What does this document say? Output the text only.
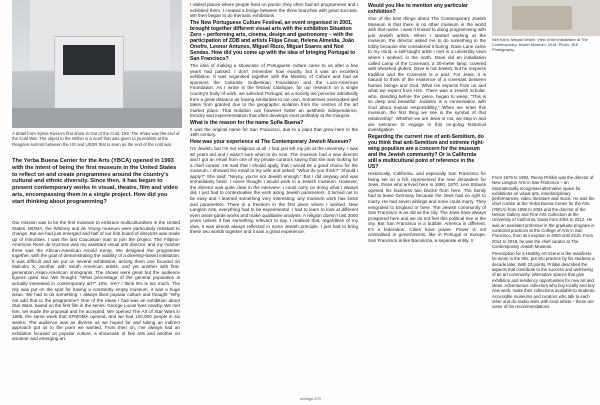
A detail from Sylvia Russo’s first show In Out of the Cold, 199. The Shaw was the end of the Cold War. The object in the Within is a scarf that was given to journalists at the Reagans summit between the US and USSR that is seen as the end of the cold war.
The Yerba Buena Center for the Arts (YBCA) opened in 1993 with the intent of being the first museum in the United States to reflect on and create programmes around the country’s cultural and ethnic diversity. Since then, it has begun to present contemporary works in visual, theatre, film and video arts, encompassing them in a single project. How did you start thinking about programming?

Our mission was to be the first museum to embrace multiculturalism in the United States. MOMA, the Whitney and de Young museum were particularly resistant to change. But we had just emerged and half of our first board of directors was made up of minorities. I was the last Caucasian man to join the project. The Filipino-American René de Guzman was my assistant visual arts director, and my number three was the African-American Arnold Kemp. We designed the programme together, with the goal of demonstrating the viability of a diversity-based institution. It was difficult and we put on several exhibitions, among them one focused on Malcolm X, another with South American artists, and yet another with first-generation Asian-American immigrants. The shows were great but the audience figures quite low. We thought: “What percentage of the general population is actually interested in contemporary art?” 10%, 5%? I think 5% is too much. The city was put on the spot for having a constantly empty museum, it was a huge issue. We had to do something. I always liked popular culture and thought “Why not add that to the programme? One of the ideas I had was an exhibition about Star Wars, based on the first film in the series. George Lucas lives nearby. We met him, we made the proposal and he accepted. We opened The Art of Star Wars in 1995, the same week that SFMOMA opened, and we had 120,000 people in six weeks. The audience was as diverse as we hoped for and taking an indirect approach got us to the point we wanted. From then on, I’ve always had an exhibition focused on popular culture, a showcase of fine arts and another on amateur and emerging art.

I visited places where people lived on parole, they often had art programmes and I exhibited them. I created a bridge between the three branches with great success. We then began to do thematic exhibitions.

The New Portuguese Culture Festival, an event organised in 2001, brought together different visual arts with the exhibition Situation Zero – performing arts, cinema, design and gastronomy – with the participation of ZDB and artists Filipa César, Helena Almeida, João Onofre, Leonor Antunes, Miguel Rizzo, Miguel Soares and Noé Sendas. How did you come up with the idea of bringing Portugal to San Francisco?

The idea of making a showcase of Portuguese culture came to us after a few years had passed. I don’t remember how exactly, but it was an excellent exhibition. It was organised together with the Ministry of Culture and had as sponsors the Calouste Gulbenkian Foundation and the Luso-American Foundation. As I wrote in the festival catalogue, for our research on a single country’s body of work, we selected Portugal, as a society we perceive admittedly from a great distance as having similarities to our own. Sometimes overlooked and taken from granted due to the geographic isolation from the centres of the art market place. That isolation can however foster an aesthetic independence, ferocity and experimentation that often develops most profitably at the margins.

What is the reason for the name Sofia Buena?

It was the original name for San Francisco, due to a plant that grew here in the 18th century.

How was your experience at The Contemporary Jewish Museum?

I’m Jewish, but I’m not religious at all. I had just left my job at the university. I was 60 years old and I wasn’t sure what to do next. The museum had a new director and I got an email from one of my private curators saying that she was looking for a chief curator. He said that I should apply, that I would be a good choice for the museum. I showed the email to my wife and asked: “What do you think?” Should I apply?” She said: “Neyny, you’re not Jewish enough.” But I did anyway and was immediately hired. I never thought I would work in a Jewish museum. However, the director was quite clear in the interview: I could carry on doing what I always did, I just had to contextualise the work along Jewish parameters. It turned out to be easy and I learned something very interesting: any museum work has limits and parameters. There is a freedom in the first place where I worked. New Langton Arts, everything had to be experimental. I had to learn to look at different even avant-garde works and make qualitative analysis. A religion doesn’t last 3000 years unless it has something relevant to say. I realised that, regardless of my idea, it was almost always reflected in some Jewish principle. I just had to bring these two worlds together and it was a great experience.

Would you like to mention any particular exhibition?

One of the best things about The Contemporary Jewish Museum is that there is no other museum in the world with that name. I wasn’t limited to doing programming with just Jewish artists. When I started working at the museum, the director asked me to do something in the lobby because she considered it boring. Dave Lane came to my mind, a self-taught artist I met in a university town where I worked, in the north. Dave did an installation called Lamp of the Covenant, a 30-meter lamp, covered with reworked globes. Dave is not Jewish, but he respects tradition and the Covenant is a pact. For Jews, it is natural to think of the existence of a covenant between human beings and God. What He expects from us and what we expect from Him. There was a Jewish scholar, who, standing before the piece, began to weep: “This is so deep and beautiful: Judaism is a conversation with God about mutual responsibility.” When we enter this museum, the first thing we see is the symbol of that relationship”. Whether we are Jews or not, we step in and are welcome to engage in this on-going historical investigation.

Regarding the current rise of anti-Semitism, do you think that anti-Semitism and extreme right-wing populism are a concern for the museum and the Jewish community? Or is California still a multicultural point of reference in the US?

Historically, California, and especially San Francisco for being set on a hill, represented the new Jerusalem for Jews, those who arrived here in 1860, 1870. Levi Strauss opened his business two blocks from here. The family had to leave Germany because the Jews had no right to marry. He had seven siblings and none could marry. They emigrated to England or here. The Jewish community of San Francisco is as old as the city. The Jews have always prospered here and we do not feel this political rise in the city. But San Francisco is a bubble. America is different. It’s a federation. Cities have power. Power is not centralised in governments, like in Portugal or Europe. San Francisco is like Barcelona, a separate entity. //

Nell Kahn, Megan Wheel. View of the installation at The Contemporary Jewish Museum, 2014. Photo: JKA Photography.

From 1979 to 1992, Renny Pritikin was the director of New Langton Arts in San Francisco – an internationally recognised alternative space for exhibitions on visual arts, interdisciplinary performances, video, literature and music. He was the chief curator at the Yerba Buena Center for the Arts (YBCA) from 1992 to 2004 and the director of the Nelson Gallery and Fine Arts Collection at the University of California, Davis from 2004 to 2012. He was an assistant professor in the graduate program in curatorial practices at the College of Arts in San Francisco, from its inception in 2003 until 2015. From 2014 to 2018, he was the chief curator at The Contemporary Jewish Museum.

Prescription for a Healthy Art Scene is the manifesto he wrote in the 90s, put into practice by his students a decade later. With 23 points, Pritikin described the aspects that contribute to the success and well-being of an art community: alternative spaces that give exhibition and residency opportunities for new art and ideas. Adventurous collectors who buy locally and buy new work, make their collections available to students. Accessible museums and curators who talk to each other and do studio visits with local artists – these are some of his recommendations.

umbigo #70
